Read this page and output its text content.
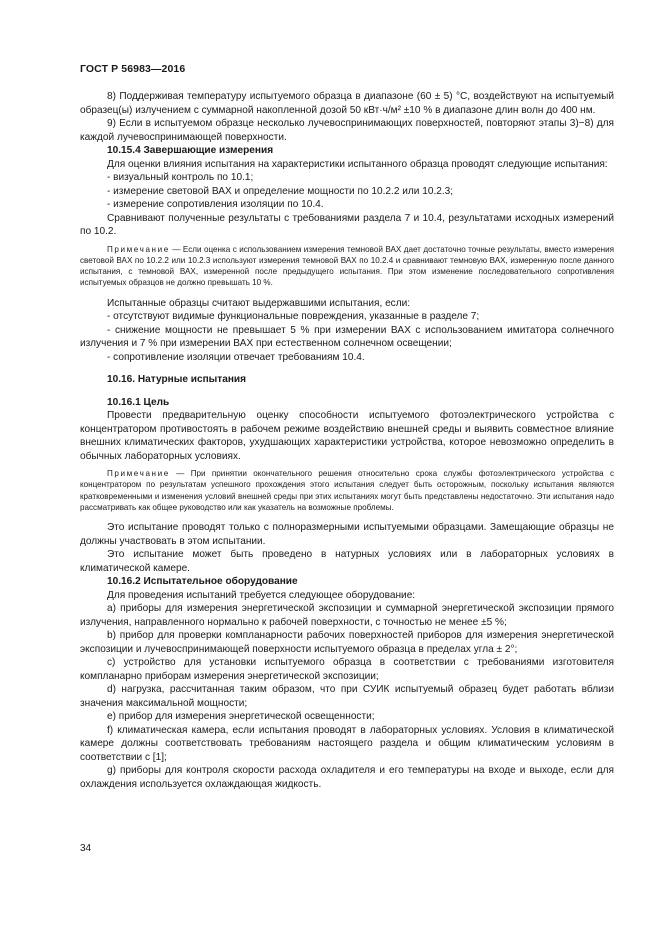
ГОСТ Р 56983—2016

8) Поддерживая температуру испытуемого образца в диапазоне (60 ± 5) °С, воздействуют на испытуемый образец(ы) излучением с суммарной накопленной дозой 50 кВт·ч/м² ±10 % в диапазоне длин волн до 400 нм.

9) Если в испытуемом образце несколько лучевоспринимающих поверхностей, повторяют этапы 3)−8) для каждой лучевоспринимающей поверхности.

10.15.4 Завершающие измерения

Для оценки влияния испытания на характеристики испытанного образца проводят следующие испытания:

- визуальный контроль по 10.1;

- измерение световой ВАХ и определение мощности по 10.2.2 или 10.2.3;

- измерение сопротивления изоляции по 10.4.

Сравнивают полученные результаты с требованиями раздела 7 и 10.4, результатами исходных измерений по 10.2.

Примечание — Если оценка с использованием измерения темновой ВАХ дает достаточно точные результаты, вместо измерения световой ВАХ по 10.2.2 или 10.2.3 используют измерения темновой ВАХ по 10.2.4 и сравнивают темновую ВАХ, измеренную после данного испытания, с темновой ВАХ, измеренной после предыдущего испытания. При этом изменение последовательного сопротивления испытуемых образцов не должно превышать 10 %.

Испытанные образцы считают выдержавшими испытания, если:

- отсутствуют видимые функциональные повреждения, указанные в разделе 7;

- снижение мощности не превышает 5 % при измерении ВАХ с использованием имитатора солнечного излучения и 7 % при измерении ВАХ при естественном солнечном освещении;

- сопротивление изоляции отвечает требованиям 10.4.

10.16. Натурные испытания

10.16.1 Цель

Провести предварительную оценку способности испытуемого фотоэлектрического устройства с концентратором противостоять в рабочем режиме воздействию внешней среды и выявить совместное влияние внешних климатических факторов, ухудшающих характеристики устройства, которое невозможно определить в обычных лабораторных условиях.

Примечание — При принятии окончательного решения относительно срока службы фотоэлектрического устройства с концентратором по результатам успешного прохождения этого испытания следует быть осторожным, поскольку испытания являются кратковременными и изменения условий внешней среды при этих испытаниях могут быть представлены недостаточно. Эти испытания надо рассматривать как общее руководство или как указатель на возможные проблемы.

Это испытание проводят только с полноразмерными испытуемыми образцами. Замещающие образцы не должны участвовать в этом испытании.

Это испытание может быть проведено в натурных условиях или в лабораторных условиях в климатической камере.

10.16.2 Испытательное оборудование

Для проведения испытаний требуется следующее оборудование:

а) приборы для измерения энергетической экспозиции и суммарной энергетической экспозиции прямого излучения, направленного нормально к рабочей поверхности, с точностью не менее ±5 %;

b) прибор для проверки компланарности рабочих поверхностей приборов для измерения энергетической экспозиции и лучевоспринимающей поверхности испытуемого образца в пределах угла ± 2°;

c) устройство для установки испытуемого образца в соответствии с требованиями изготовителя компланарно приборам измерения энергетической экспозиции;

d) нагрузка, рассчитанная таким образом, что при СУИК испытуемый образец будет работать вблизи значения максимальной мощности;

e) прибор для измерения энергетической освещенности;

f) климатическая камера, если испытания проводят в лабораторных условиях. Условия в климатической камере должны соответствовать требованиям настоящего раздела и общим климатическим условиям в соответствии с [1];

g) приборы для контроля скорости расхода охладителя и его температуры на входе и выходе, если для охлаждения используется охлаждающая жидкость.

34
